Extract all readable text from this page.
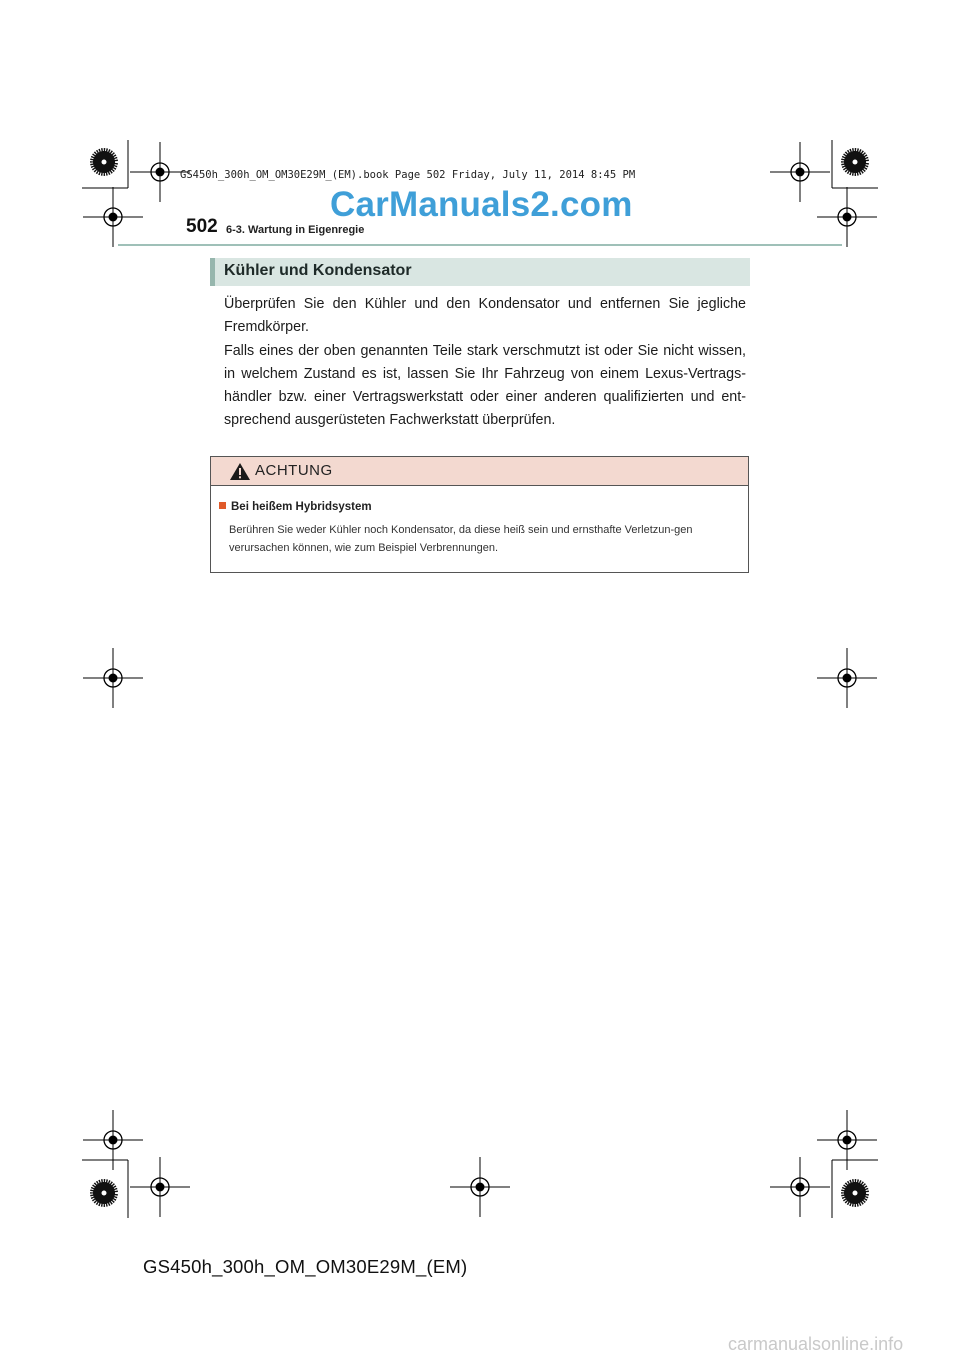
GS450h_300h_OM_OM30E29M_(EM).book Page 502 Friday, July 11, 2014 8:45 PM
CarManuals2.com
502 6-3. Wartung in Eigenregie
Kühler und Kondensator

Überprüfen Sie den Kühler und den Kondensator und entfernen Sie jegliche Fremdkörper.

Falls eines der oben genannten Teile stark verschmutzt ist oder Sie nicht wissen, in welchem Zustand es ist, lassen Sie Ihr Fahrzeug von einem Lexus-Vertrags-händler bzw. einer Vertragswerkstatt oder einer anderen qualifizierten und ent-sprechend ausgerüsteten Fachwerkstatt überprüfen.

ACHTUNG
Bei heißem Hybridsystem
Berühren Sie weder Kühler noch Kondensator, da diese heiß sein und ernsthafte Verletzun-gen verursachen können, wie zum Beispiel Verbrennungen.
GS450h_300h_OM_OM30E29M_(EM)
carmanualsonline.info
